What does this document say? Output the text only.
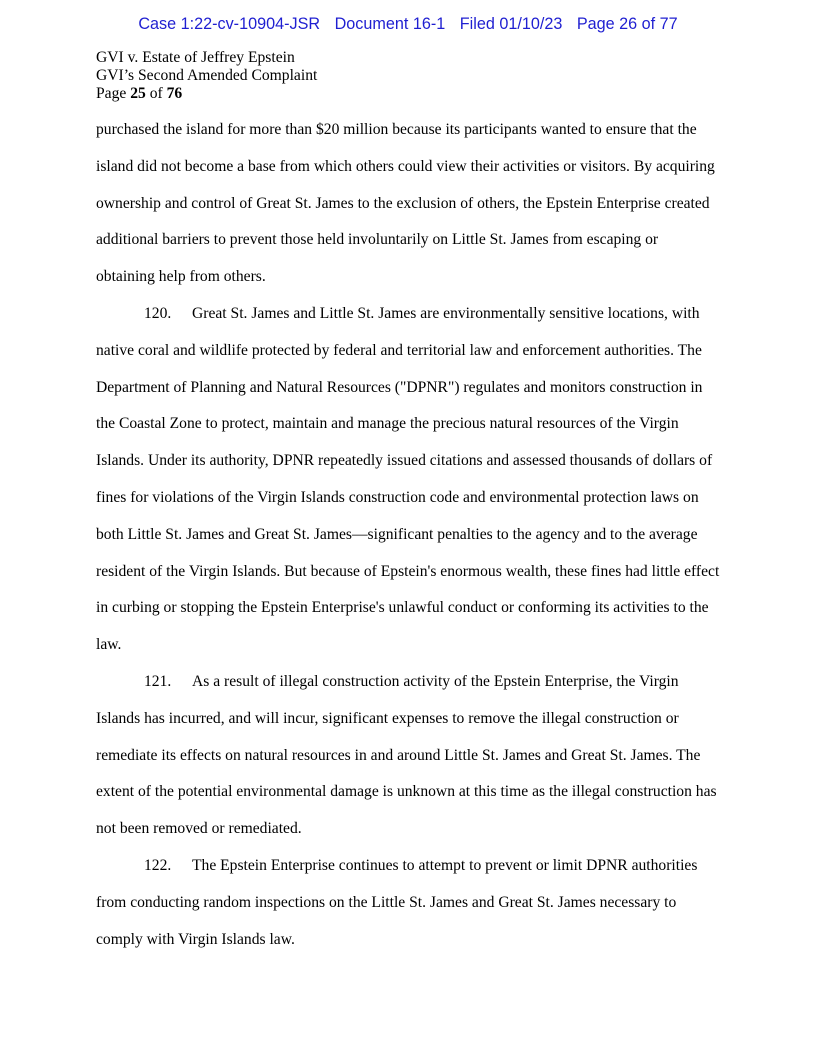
Case 1:22-cv-10904-JSR Document 16-1 Filed 01/10/23 Page 26 of 77
GVI v. Estate of Jeffrey Epstein
GVI’s Second Amended Complaint
Page 25 of 76

purchased the island for more than $20 million because its participants wanted to ensure that the island did not become a base from which others could view their activities or visitors. By acquiring ownership and control of Great St. James to the exclusion of others, the Epstein Enterprise created additional barriers to prevent those held involuntarily on Little St. James from escaping or obtaining help from others.

120. Great St. James and Little St. James are environmentally sensitive locations, with native coral and wildlife protected by federal and territorial law and enforcement authorities. The Department of Planning and Natural Resources ("DPNR") regulates and monitors construction in the Coastal Zone to protect, maintain and manage the precious natural resources of the Virgin Islands. Under its authority, DPNR repeatedly issued citations and assessed thousands of dollars of fines for violations of the Virgin Islands construction code and environmental protection laws on both Little St. James and Great St. James—significant penalties to the agency and to the average resident of the Virgin Islands. But because of Epstein's enormous wealth, these fines had little effect in curbing or stopping the Epstein Enterprise's unlawful conduct or conforming its activities to the law.

121. As a result of illegal construction activity of the Epstein Enterprise, the Virgin Islands has incurred, and will incur, significant expenses to remove the illegal construction or remediate its effects on natural resources in and around Little St. James and Great St. James. The extent of the potential environmental damage is unknown at this time as the illegal construction has not been removed or remediated.

122. The Epstein Enterprise continues to attempt to prevent or limit DPNR authorities from conducting random inspections on the Little St. James and Great St. James necessary to comply with Virgin Islands law.
